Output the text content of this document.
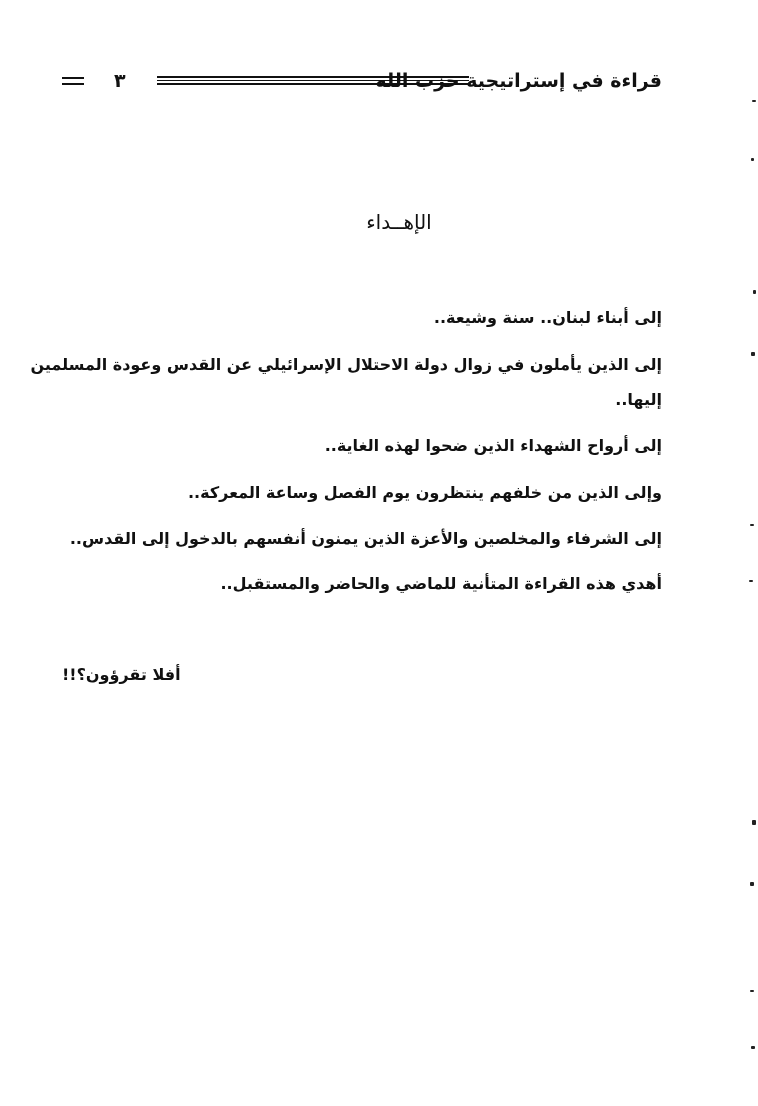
٣	قراءة في إستراتيجية حزب الله
الإهــداء
إلى أبناء لبنان.. سنة وشيعة..
إلى الذين يأملون في زوال دولة الاحتلال الإسرائيلي عن القدس وعودة المسلمين
إليها..
إلى أرواح الشهداء الذين ضحوا لهذه الغاية..
وإلى الذين من خلفهم ينتظرون يوم الفصل وساعة المعركة..
إلى الشرفاء والمخلصين والأعزة الذين يمنون أنفسهم بالدخول إلى القدس..
أهدي هذه القراءة المتأنية للماضي والحاضر والمستقبل..
أفلا تقرؤون؟!!
